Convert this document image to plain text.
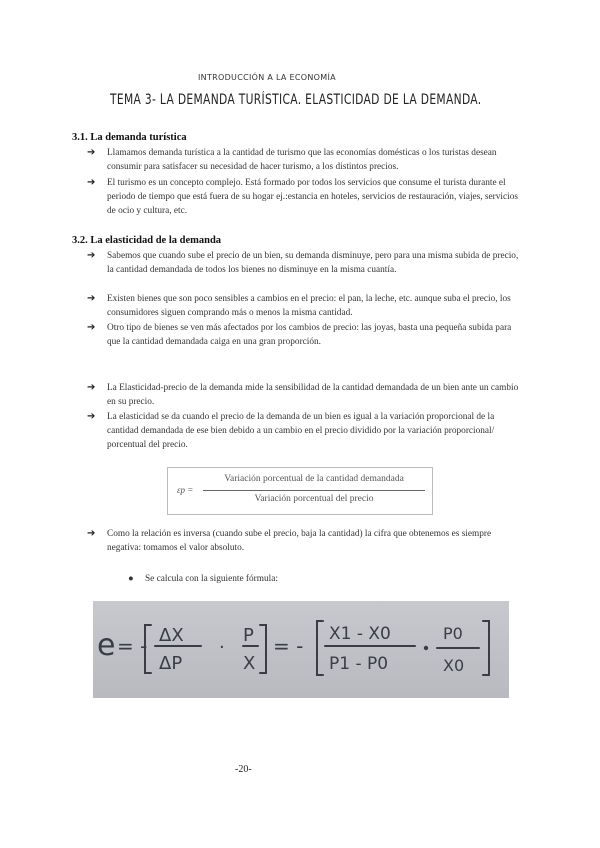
INTRODUCCIÓN A LA ECONOMÍA
TEMA 3- LA DEMANDA TURÍSTICA. ELASTICIDAD DE LA DEMANDA.
3.1. La demanda turística
➔ Llamamos demanda turística a la cantidad de turismo que las economías domésticas o los turistas desean consumir para satisfacer su necesidad de hacer turismo, a los distintos precios.
➔ El turismo es un concepto complejo. Está formado por todos los servicios que consume el turista durante el periodo de tiempo que está fuera de su hogar ej.:estancia en hoteles, servicios de restauración, viajes, servicios de ocio y cultura, etc.
3.2. La elasticidad de la demanda
➔ Sabemos que cuando sube el precio de un bien, su demanda disminuye, pero para una misma subida de precio, la cantidad demandada de todos los bienes no disminuye en la misma cuantía.
➔ Existen bienes que son poco sensibles a cambios en el precio: el pan, la leche, etc. aunque suba el precio, los consumidores siguen comprando más o menos la misma cantidad.
➔ Otro tipo de bienes se ven más afectados por los cambios de precio: las joyas, basta una pequeña subida para que la cantidad demandada caiga en una gran proporción.
➔ La Elasticidad-precio de la demanda mide la sensibilidad de la cantidad demandada de un bien ante un cambio en su precio.
➔ La elasticidad se da cuando el precio de la demanda de un bien es igual a la variación proporcional de la cantidad demandada de ese bien debido a un cambio en el precio dividido por la variación proporcional/ porcentual del precio.
εp =
Variación porcentual de la cantidad demandada
Variación porcentual del precio
➔ Como la relación es inversa (cuando sube el precio, baja la cantidad) la cifra que obtenemos es siempre negativa: tomamos el valor absoluto.
● Se calcula con la siguiente fórmula:
e = - ΔX
ΔP
·
P
X
= - X1 - X0
P1 - P0
P0
X0
-20-
